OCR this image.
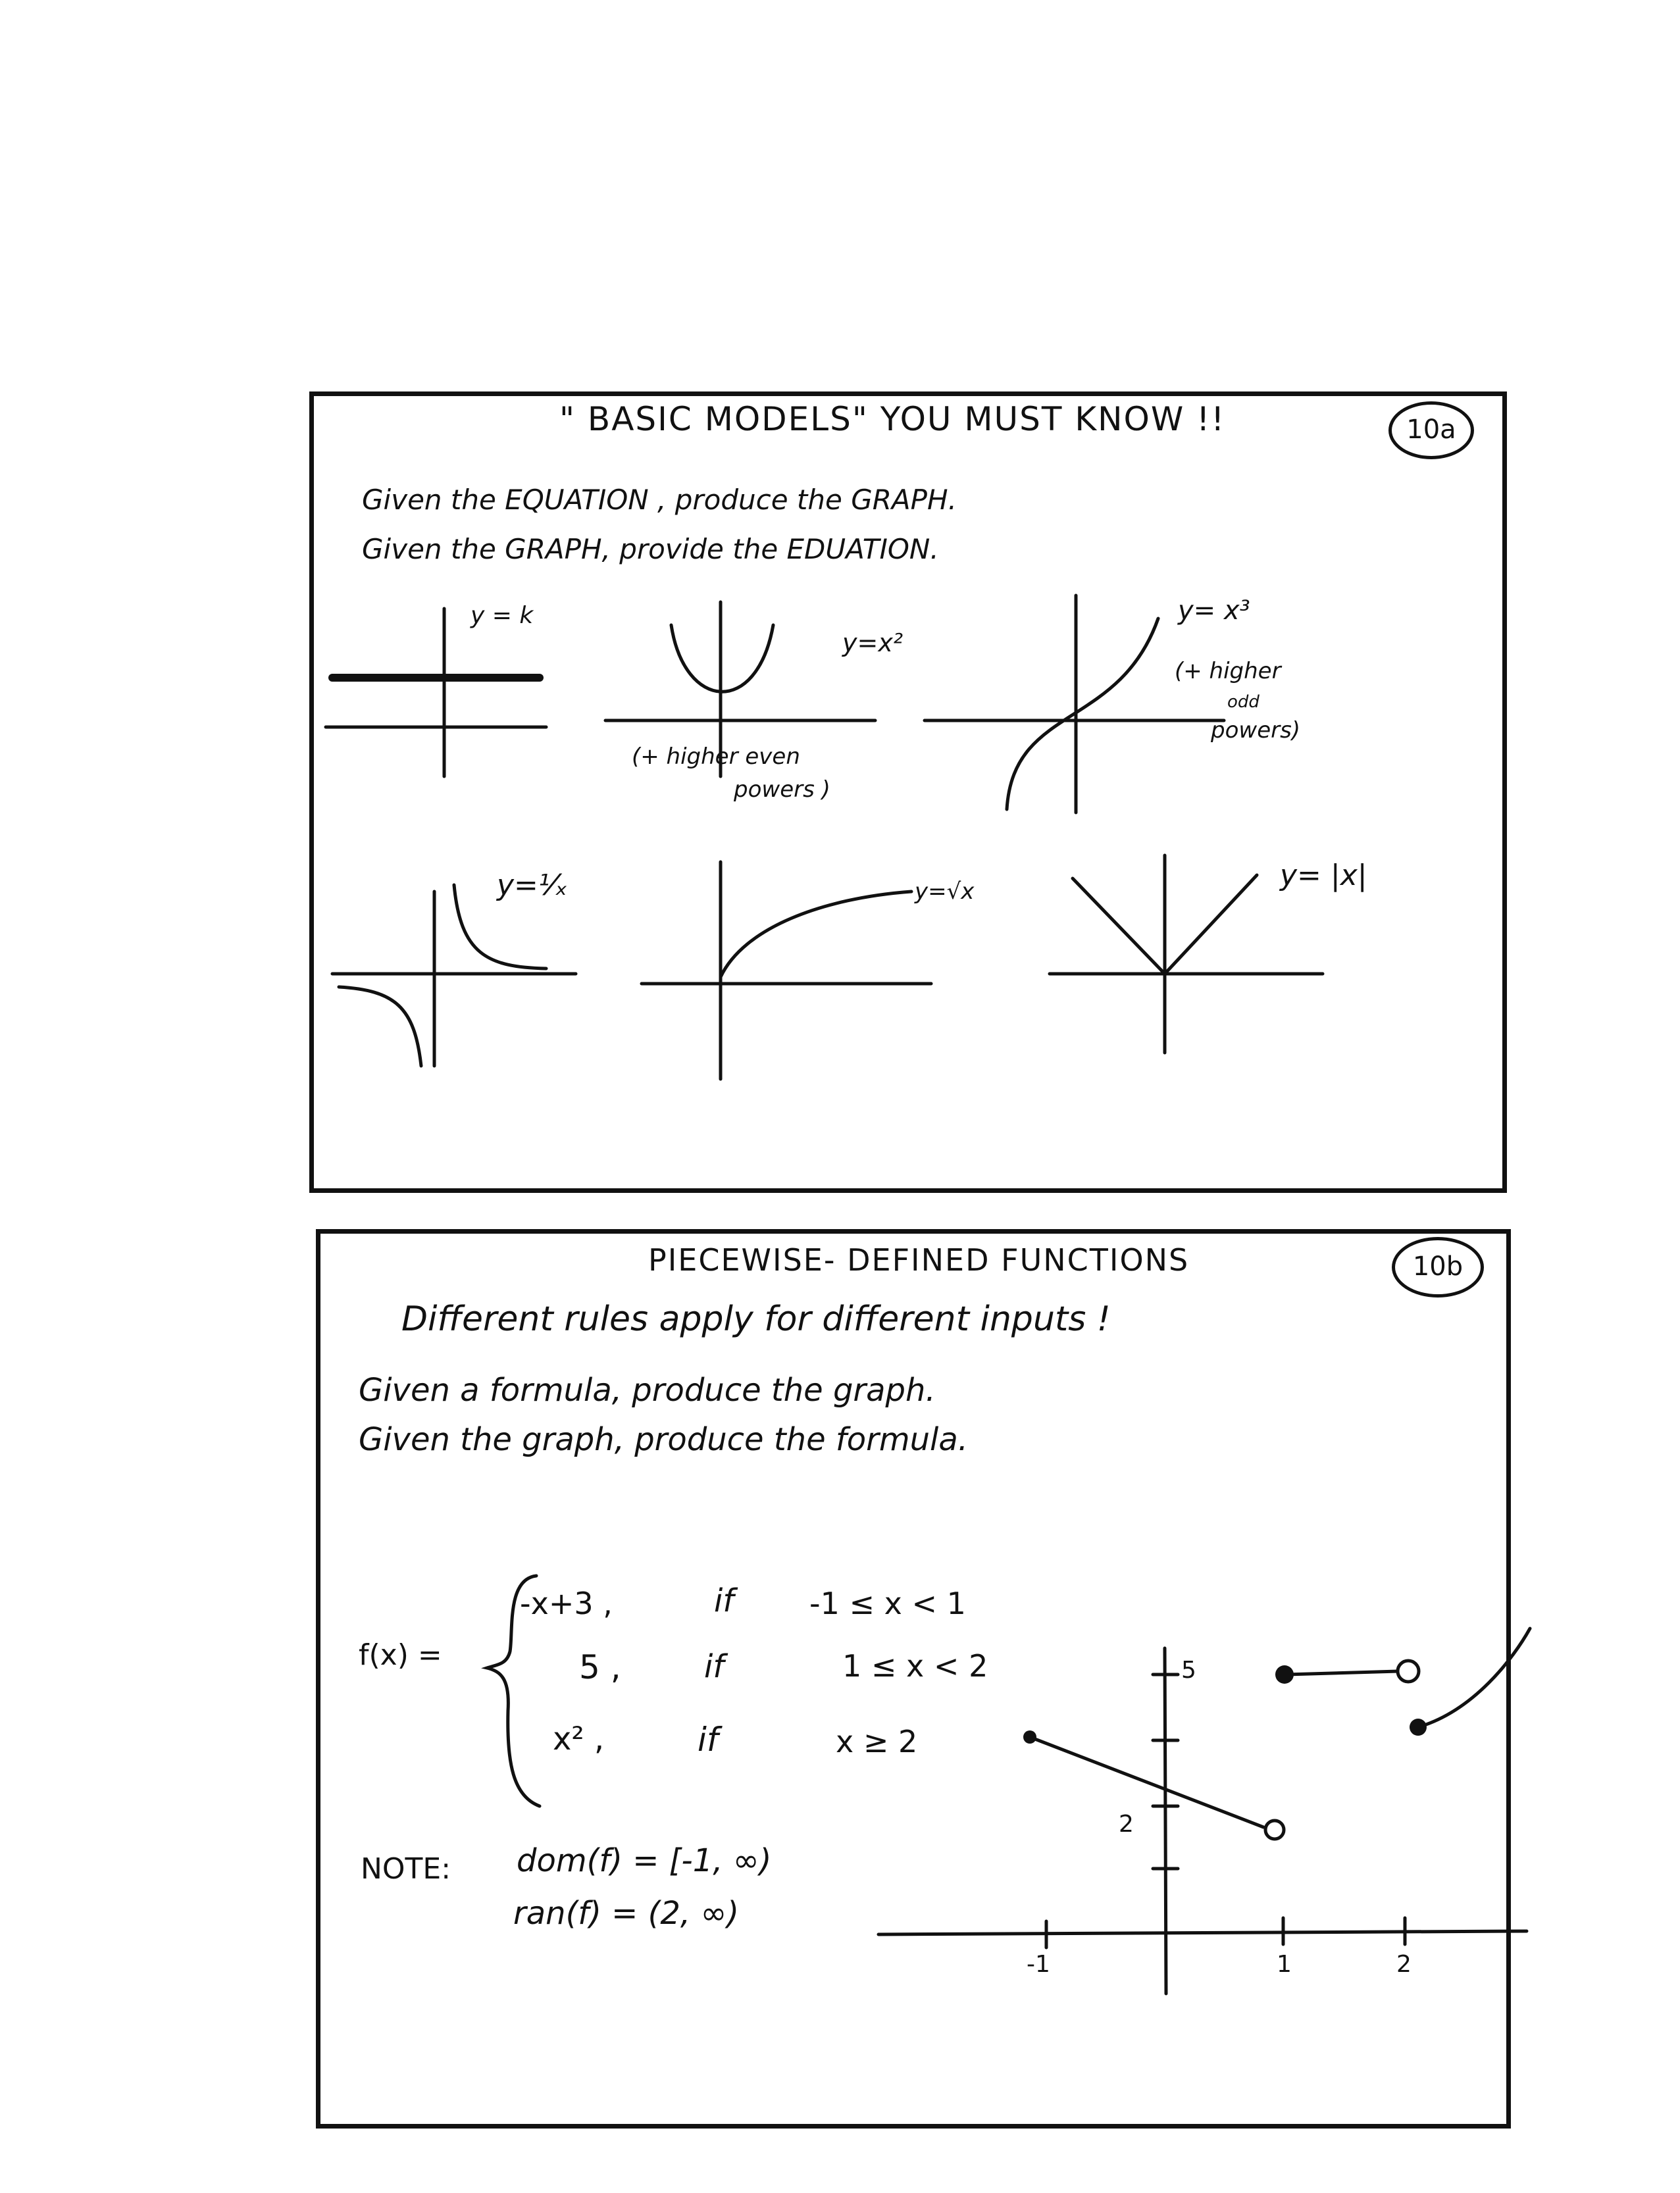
" BASIC MODELS" YOU MUST KNOW !!	10a
Given the EQUATION , produce the GRAPH.
Given the GRAPH, provide the EDUATION.
y = k
y=x²
(+ higher even
powers )
y= x³
(+ higher
odd
powers)
y=¹⁄ₓ	y=√x	y= |x|
PIECEWISE- DEFINED FUNCTIONS	10b
Different rules apply for different inputs !
Given a formula, produce the graph.
Given the graph, produce the formula.
f(x) =
-x+3 ,	if -1 ≤ x < 1
5 ,	if	1 ≤ x < 2
x² ,	if	x ≥ 2
NOTE: dom(f) = [-1, ∞)
ran(f) = (2, ∞)
5
2
-1	1	2
